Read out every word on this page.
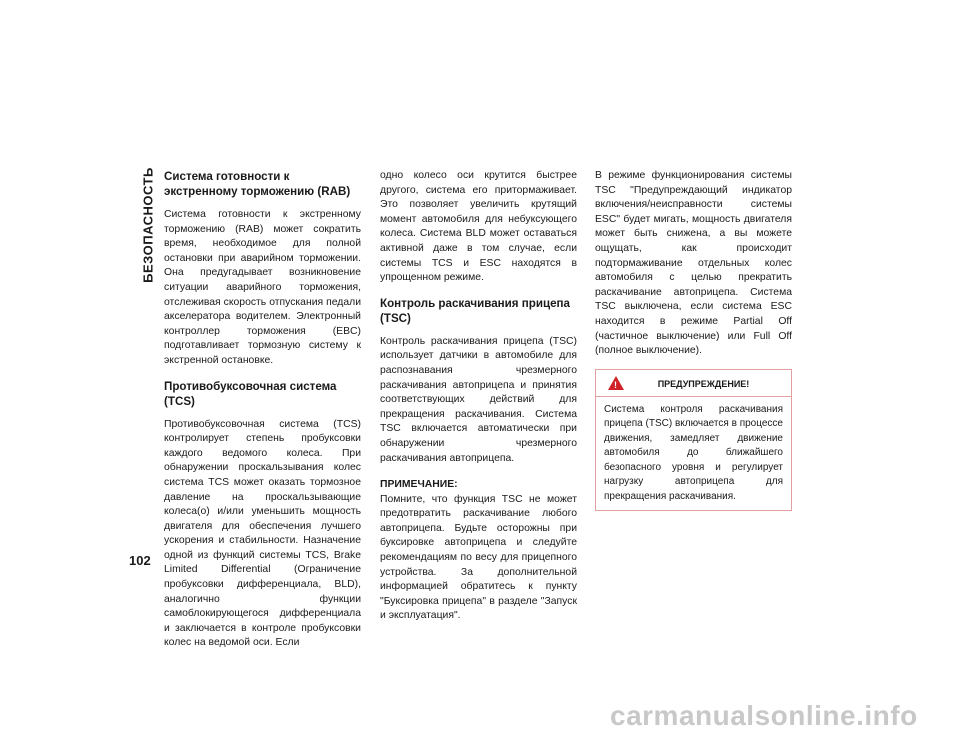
БЕЗОПАСНОСТЬ
102
Система готовности к экстренному торможению (RAB)

Система готовности к экстренному торможению (RAB) может сократить время, необходимое для полной остановки при аварийном торможении. Она предугадывает возникновение ситуации аварийного торможения, отслеживая скорость отпускания педали акселератора водителем. Электронный контроллер торможения (EBC) подготавливает тормозную систему к экстренной остановке.

Противобуксовочная система (TCS)

Противобуксовочная система (TCS) контролирует степень пробуксовки каждого ведомого колеса. При обнаружении проскальзывания колес система TCS может оказать тормозное давление на проскальзывающие колеса(о) и/или уменьшить мощность двигателя для обеспечения лучшего ускорения и стабильности. Назначение одной из функций системы TCS, Brake Limited Differential (Ограничение пробуксовки дифференциала, BLD), аналогично функции самоблокирующегося дифференциала и заключается в контроле пробуксовки колес на ведомой оси. Если

одно колесо оси крутится быстрее другого, система его притормаживает. Это позволяет увеличить крутящий момент автомобиля для небуксующего колеса. Система BLD может оставаться активной даже в том случае, если системы TCS и ESC находятся в упрощенном режиме.

Контроль раскачивания прицепа (TSC)

Контроль раскачивания прицепа (TSC) использует датчики в автомобиле для распознавания чрезмерного раскачивания автоприцепа и принятия соответствующих действий для прекращения раскачивания. Система TSC включается автоматически при обнаружении чрезмерного раскачивания автоприцепа.

ПРИМЕЧАНИЕ:

Помните, что функция TSC не может предотвратить раскачивание любого автоприцепа. Будьте осторожны при буксировке автоприцепа и следуйте рекомендациям по весу для прицепного устройства. За дополнительной информацией обратитесь к пункту "Буксировка прицепа" в разделе "Запуск и эксплуатация".

В режиме функционирования системы TSC "Предупреждающий индикатор включения/неисправности системы ESC" будет мигать, мощность двигателя может быть снижена, а вы можете ощущать, как происходит подтормаживание отдельных колес автомобиля с целью прекратить раскачивание автоприцепа. Система TSC выключена, если система ESC находится в режиме Partial Off (частичное выключение) или Full Off (полное выключение).

!	ПРЕДУПРЕЖДЕНИЕ!
Система контроля раскачивания прицепа (TSC) включается в процессе движения, замедляет движение автомобиля до ближайшего безопасного уровня и регулирует нагрузку автоприцепа для прекращения раскачивания.
carmanualsonline.info
